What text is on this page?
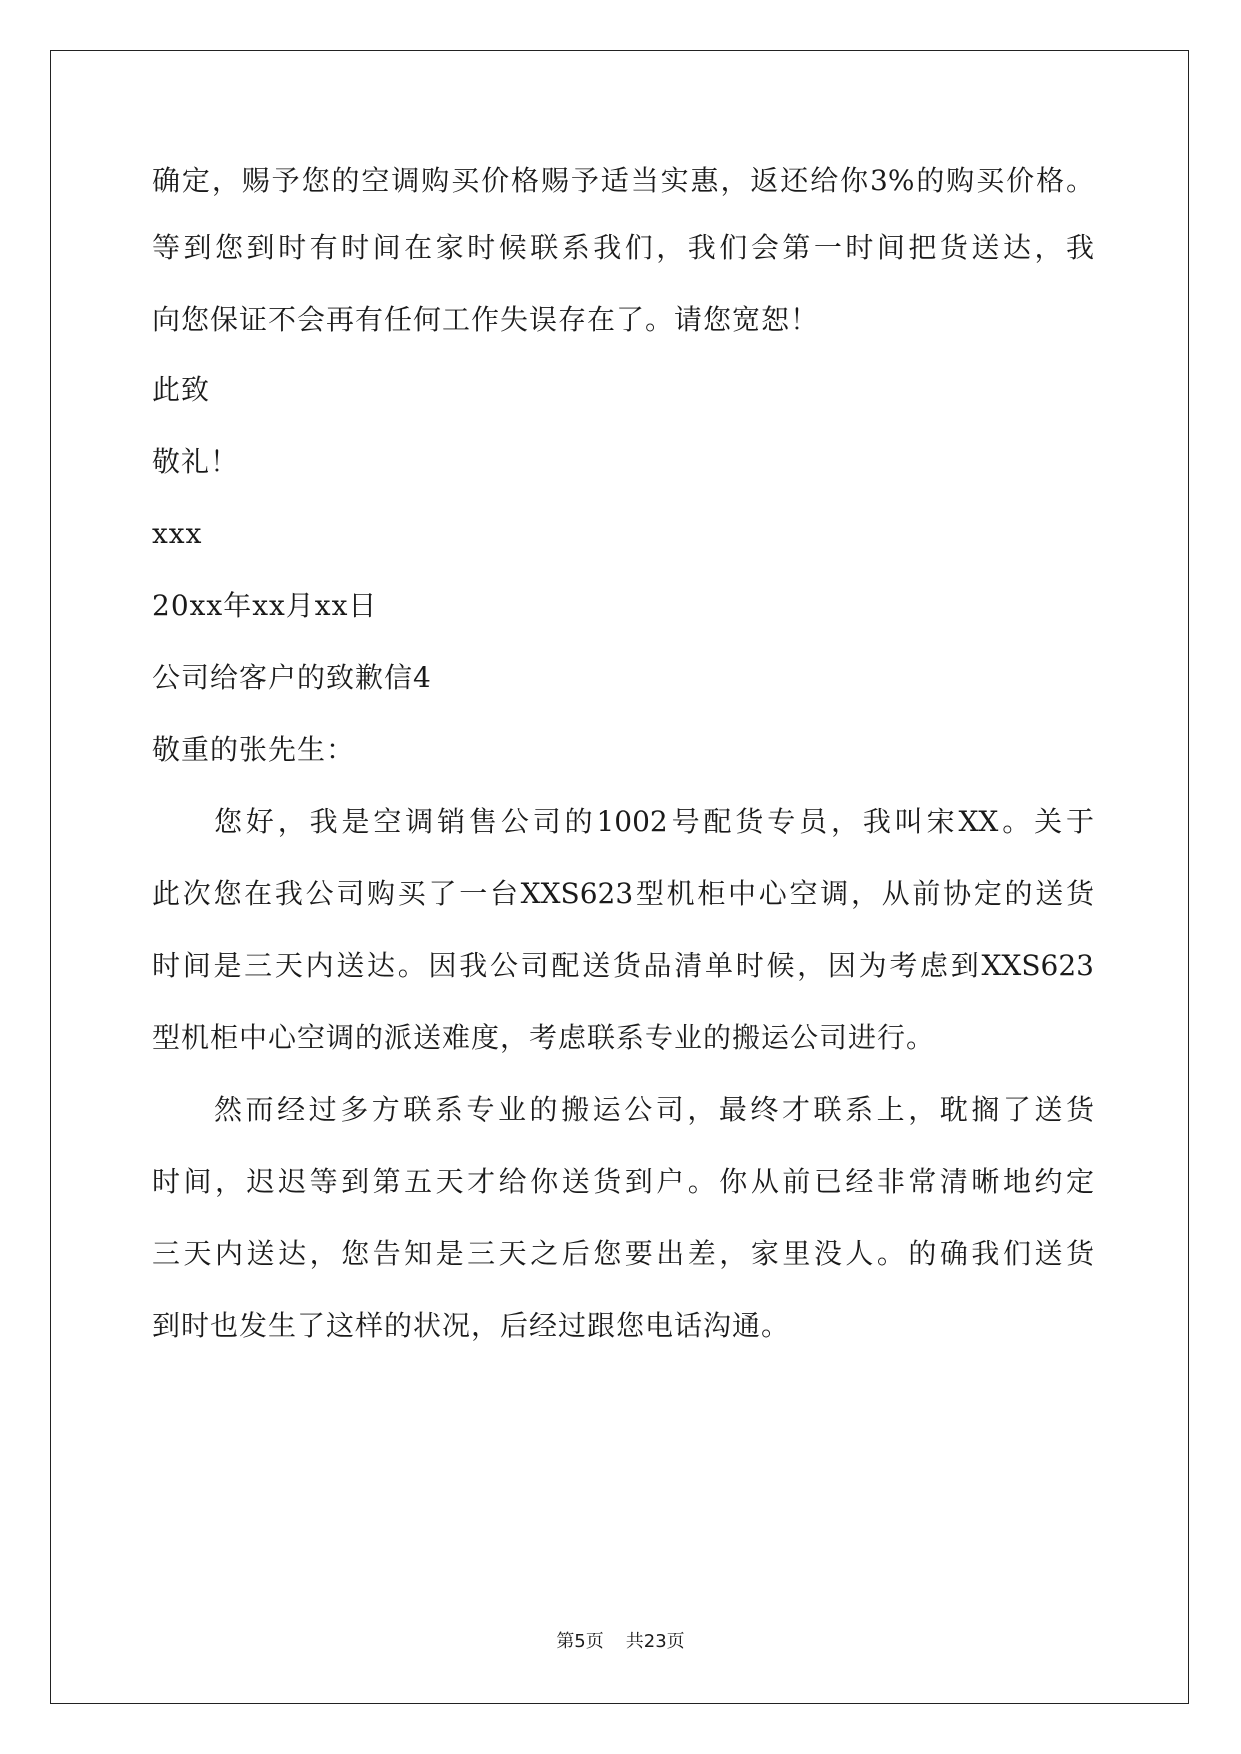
确定，赐予您的空调购买价格赐予适当实惠，返还给你3%的购买价格。
等到您到时有时间在家时候联系我们，我们会第一时间把货送达，我
向您保证不会再有任何工作失误存在了。请您宽恕！
此致
敬礼！
xxx
20xx年xx月xx日
公司给客户的致歉信4
敬重的张先生：
您好，我是空调销售公司的1002号配货专员，我叫宋XX。关于
此次您在我公司购买了一台XXS623型机柜中心空调，从前协定的送货
时间是三天内送达。因我公司配送货品清单时候，因为考虑到XXS623
型机柜中心空调的派送难度，考虑联系专业的搬运公司进行。
然而经过多方联系专业的搬运公司，最终才联系上，耽搁了送货
时间，迟迟等到第五天才给你送货到户。你从前已经非常清晰地约定
三天内送达，您告知是三天之后您要出差，家里没人。的确我们送货
到时也发生了这样的状况，后经过跟您电话沟通。
第5页 共23页
